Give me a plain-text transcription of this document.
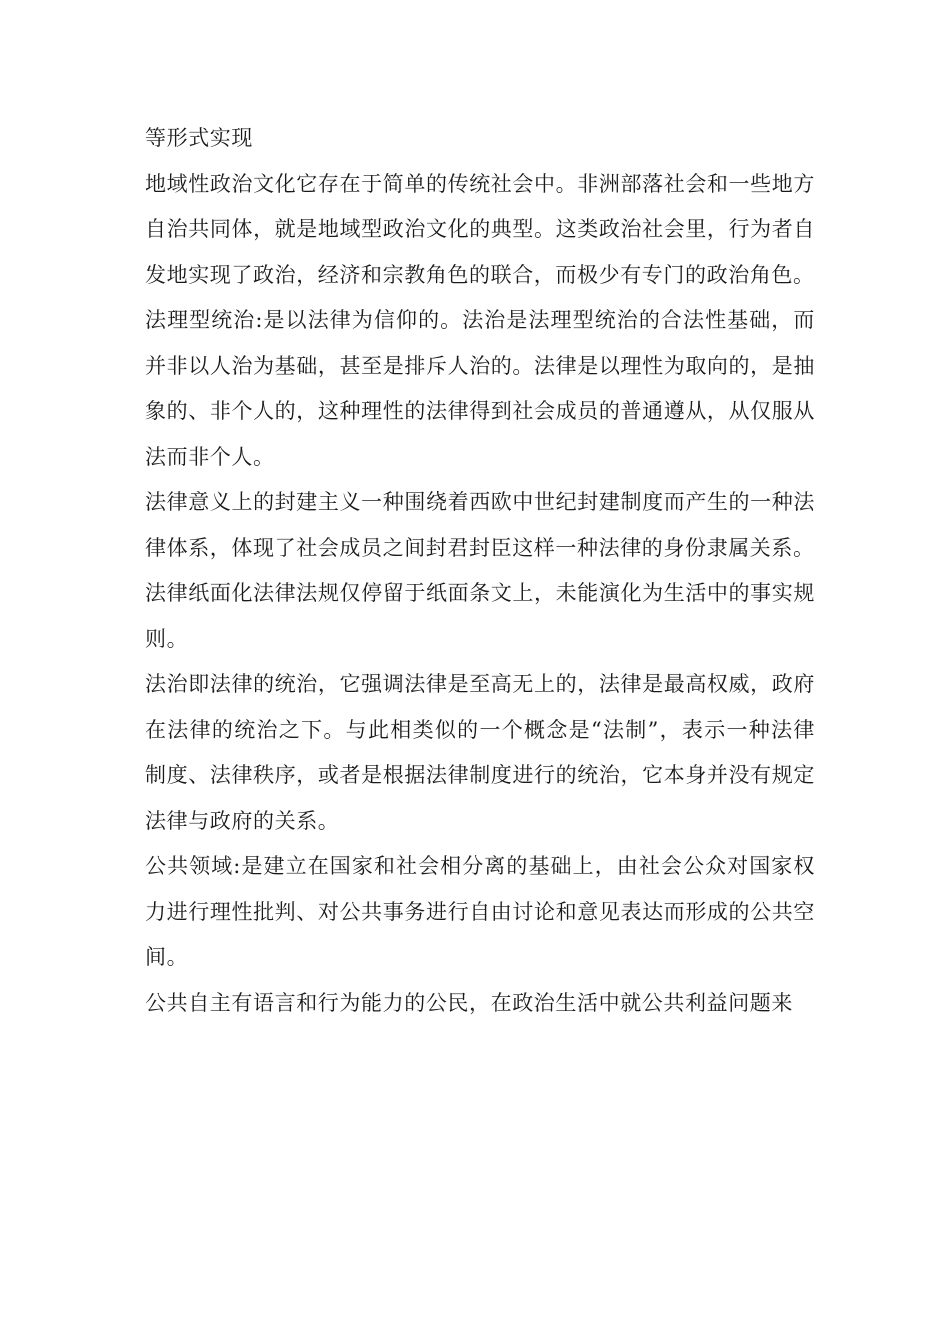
等形式实现

地域性政治文化它存在于简单的传统社会中。非洲部落社会和一些地方自治共同体，就是地域型政治文化的典型。这类政治社会里，行为者自发地实现了政治，经济和宗教角色的联合，而极少有专门的政治角色。

法理型统治:是以法律为信仰的。法治是法理型统治的合法性基础，而并非以人治为基础，甚至是排斥人治的。法律是以理性为取向的，是抽象的、非个人的，这种理性的法律得到社会成员的普通遵从，从仅服从法而非个人。

法律意义上的封建主义一种围绕着西欧中世纪封建制度而产生的一种法律体系，体现了社会成员之间封君封臣这样一种法律的身份隶属关系。

法律纸面化法律法规仅停留于纸面条文上，未能演化为生活中的事实规则。

法治即法律的统治，它强调法律是至高无上的，法律是最高权威，政府在法律的统治之下。与此相类似的一个概念是“法制”，表示一种法律制度、法律秩序，或者是根据法律制度进行的统治，它本身并没有规定法律与政府的关系。

公共领域:是建立在国家和社会相分离的基础上，由社会公众对国家权力进行理性批判、对公共事务进行自由讨论和意见表达而形成的公共空间。

公共自主有语言和行为能力的公民，在政治生活中就公共利益问题来
